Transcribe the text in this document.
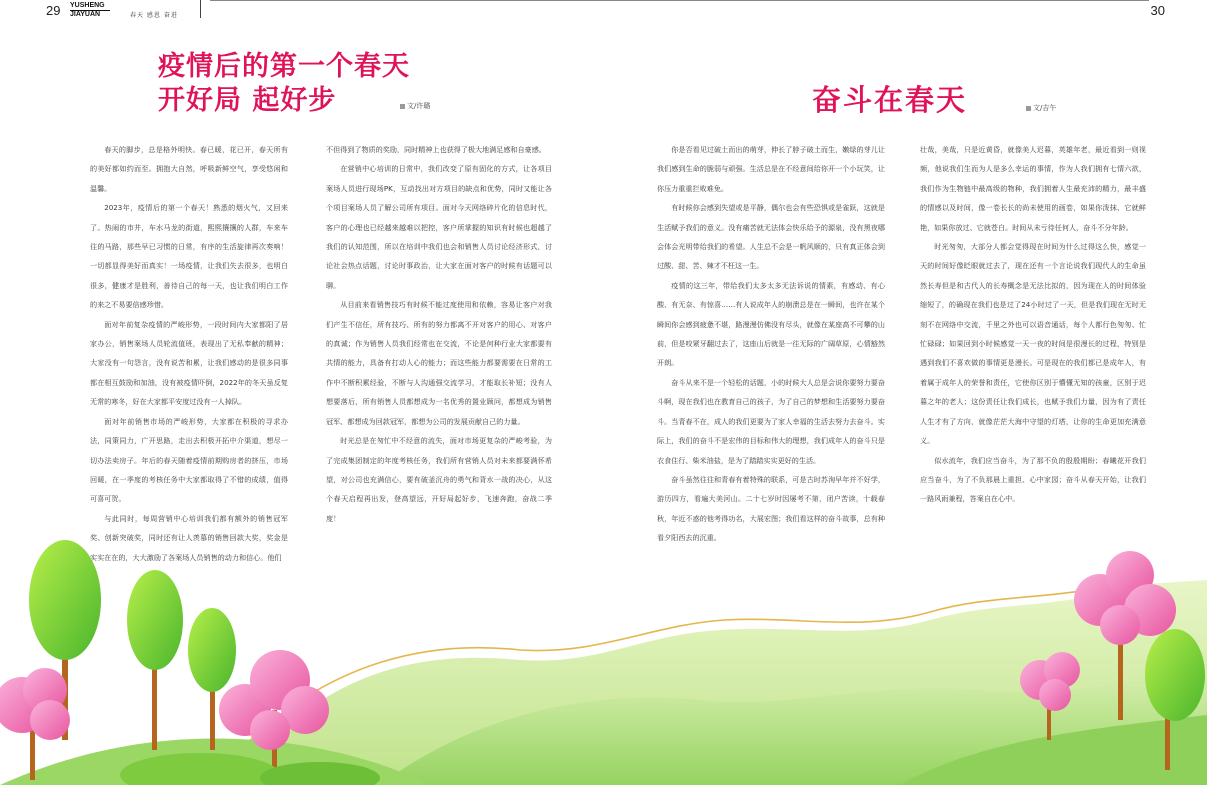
29 YUSHENG
JIAYUAN	春天 感恩 奋进	30
疫情后的第一个春天
开好局 起好步	文/许璐

春天的脚步，总是格外明快。春已暖，花已开，春天所有的美好都如约而至。拥抱大自然，呼吸新鲜空气，享受悠闲和温馨。

2023年，疫情后的第一个春天！熟悉的烟火气，又回来了。热闹的市井，车水马龙的街道，熙熙攘攘的人群，车来车往的马路，那些早已习惯的日常，有序的生活旋律再次奏响！一切都显得美好而真实！一场疫情，让我们失去很多，也明白很多，健康才是胜利，善待自己的每一天，也让我们明白工作的来之不易要倍感珍惜。

面对年前复杂疫情的严峻形势，一段时间内大家都阳了居家办公，销售案场人员轮流值班，表现出了无私奉献的精神；大家没有一句怨言，没有说苦和累，让我们感动的是很多同事都在相互鼓励和加油，没有被疫情吓倒，2022年的冬天虽反复无常的寒冬，好在大家都平安度过没有一人掉队。

面对年前销售市场的严峻形势，大家都在积极的寻求办法，同策同力，广开思路，走出去积极开拓中介渠道，想尽一切办法卖房子。年后的春天随着疫情前期购房者的挤压，市场回暖，在一季度的考核任务中大家都取得了不错的成绩，值得可喜可贺。

与此同时，每周营销中心培训我们都有额外的销售冠军奖、创新突破奖，同时还有让人羡慕的销售回款大奖，奖金是实实在在的，大大激励了各案场人员销售的动力和信心。他们

不但得到了物质的奖励，同时精神上也获得了极大地满足感和自豪感。

在营销中心培训的日常中，我们改变了原有固化的方式，让各项目案场人员进行现场PK，互动找出对方项目的缺点和优势，同时又能让各个项目案场人员了解公司所有项目。面对今天网络碎片化的信息时代，客户的心理也已经越来越难以把控，客户所掌握的知识有时候也超越了我们的认知范围，所以在培训中我们也会和销售人员讨论经济形式，讨论社会热点话题，讨论时事政治，让大家在面对客户的时候有话题可以聊。

从目前来看销售技巧有时候不能过度使用和依赖，容易让客户对我们产生不信任，所有技巧、所有的努力都离不开对客户的用心、对客户的真诚；作为销售人员我们经常也在交流，不论是何种行业大家都要有共情的能力，具备有打动人心的能力；而这些能力都要需要在日常的工作中不断积累经验，不断与人沟通强交流学习，才能取长补短；没有人想要落后，所有销售人员都想成为一名优秀的置业顾问，都想成为销售冠军、都想成为回款冠军，都想为公司的发展贡献自己的力量。

时光总是在匆忙中不经意的流失，面对市场更复杂的严峻考验，为了完成集团制定的年度考核任务，我们所有营销人员对未来都要满怀希望，对公司也充满信心，要有破釜沉舟的勇气和背水一战的决心，从这个春天启程再出发，登高望远，开好局起好步，飞速奔跑，奋战二季度！

奋斗在春天	文/吉午

你是否看见过破土而出的萌芽，伸长了脖子破土而生，嫩绿的芽儿让我们感到生命的脆弱与顽强。生活总是在不经意间给你开一个小玩笑，让你压力重重拦败难免。

有时候你会感到失望或是平静，偶尔也会有些恐惧或是雀跃，这就是生活赋予我们的意义。没有痛苦就无法体会快乐给予的源泉，没有黑夜哪会体会光明带给我们的希望。人生总不会是一帆风顺的，只有真正体会到过酸、甜、苦、辣才不枉这一生。

疫情的这三年，带给我们太多太多无法诉说的情素，有感动、有心酸、有无奈、有惊喜……有人说成年人的崩溃总是在一瞬间，也许在某个瞬间你会感到疲惫不堪，路漫漫仿佛没有尽头，就像在某座高不可攀的山前，但是咬紧牙翻过去了，这座山后就是一往无际的广阔草原，心情豁然开朗。

奋斗从来不是一个轻松的话题，小的时候大人总是会说你要努力要奋斗啊，现在我们也在教育自己的孩子，为了自己的梦想和生活要努力要奋斗。当青春不在，成人的我们更要为了家人幸福的生活去努力去奋斗。实际上，我们的奋斗不是宏伟的目标和伟大的理想，我们成年人的奋斗只是衣食住行、柴米油盐，是为了踏踏实实更好的生活。

奋斗虽然往往和青春有着特殊的联系，可是古时苏洵早年并不好学，游历四方，看遍大美河山。二十七岁时因屡考不第，闭户苦读，十载春秋，年近不惑的他考得功名，大展宏图；我们看这样的奋斗故事，总有种看夕阳西去的沉重。

壮哉，美哉，只是近黄昏，就像美人迟暮，英雄年老，最近看到一则视频，他说我们生而为人是多么幸运的事情，作为人我们拥有七情六欲，我们作为生物链中最高级的物种，我们拥着人生最充沛的精力，最丰盛的情感以及时间，像一卷长长的尚未使用的画卷，如果你泼抹、它就鲜艳，如果你放过、它就苍白。时间从未亏待任何人，奋斗不分年龄。

时光匆匆，大部分人都会觉得现在时间为什么过得这么快，感觉一天的时间好像眨眼就过去了，现在还有一个言论说我们现代人的生命虽然长寿但是和古代人的长寿概念是无法比拟的，因为现在人的时间体验缩短了，的确现在我们也是过了24小时过了一天，但是我们现在无时无刻不在网络中交流，千里之外也可以语音通话，每个人都行色匆匆、忙忙碌碌；如果回到小时候感觉一天一夜的时间是很漫长的过程，特别是遇到我们不喜欢做的事情更是漫长。可是现在的我们都已是成年人，有着属于成年人的荣誉和责任，它使你区别于懵懂无知的孩童，区别于迟暮之年的老人；这份责任让我们成长，也赋予我们力量，因为有了责任人生才有了方向，就像茫茫大海中守望的灯塔，让你的生命更加充满意义。

似水流年，我们应当奋斗，为了那不负的殷殷期盼；春曦花开我们应当奋斗，为了不负那晨上重担、心中家园；奋斗从春天开始，让我们一路风雨兼程，答案自在心中。
